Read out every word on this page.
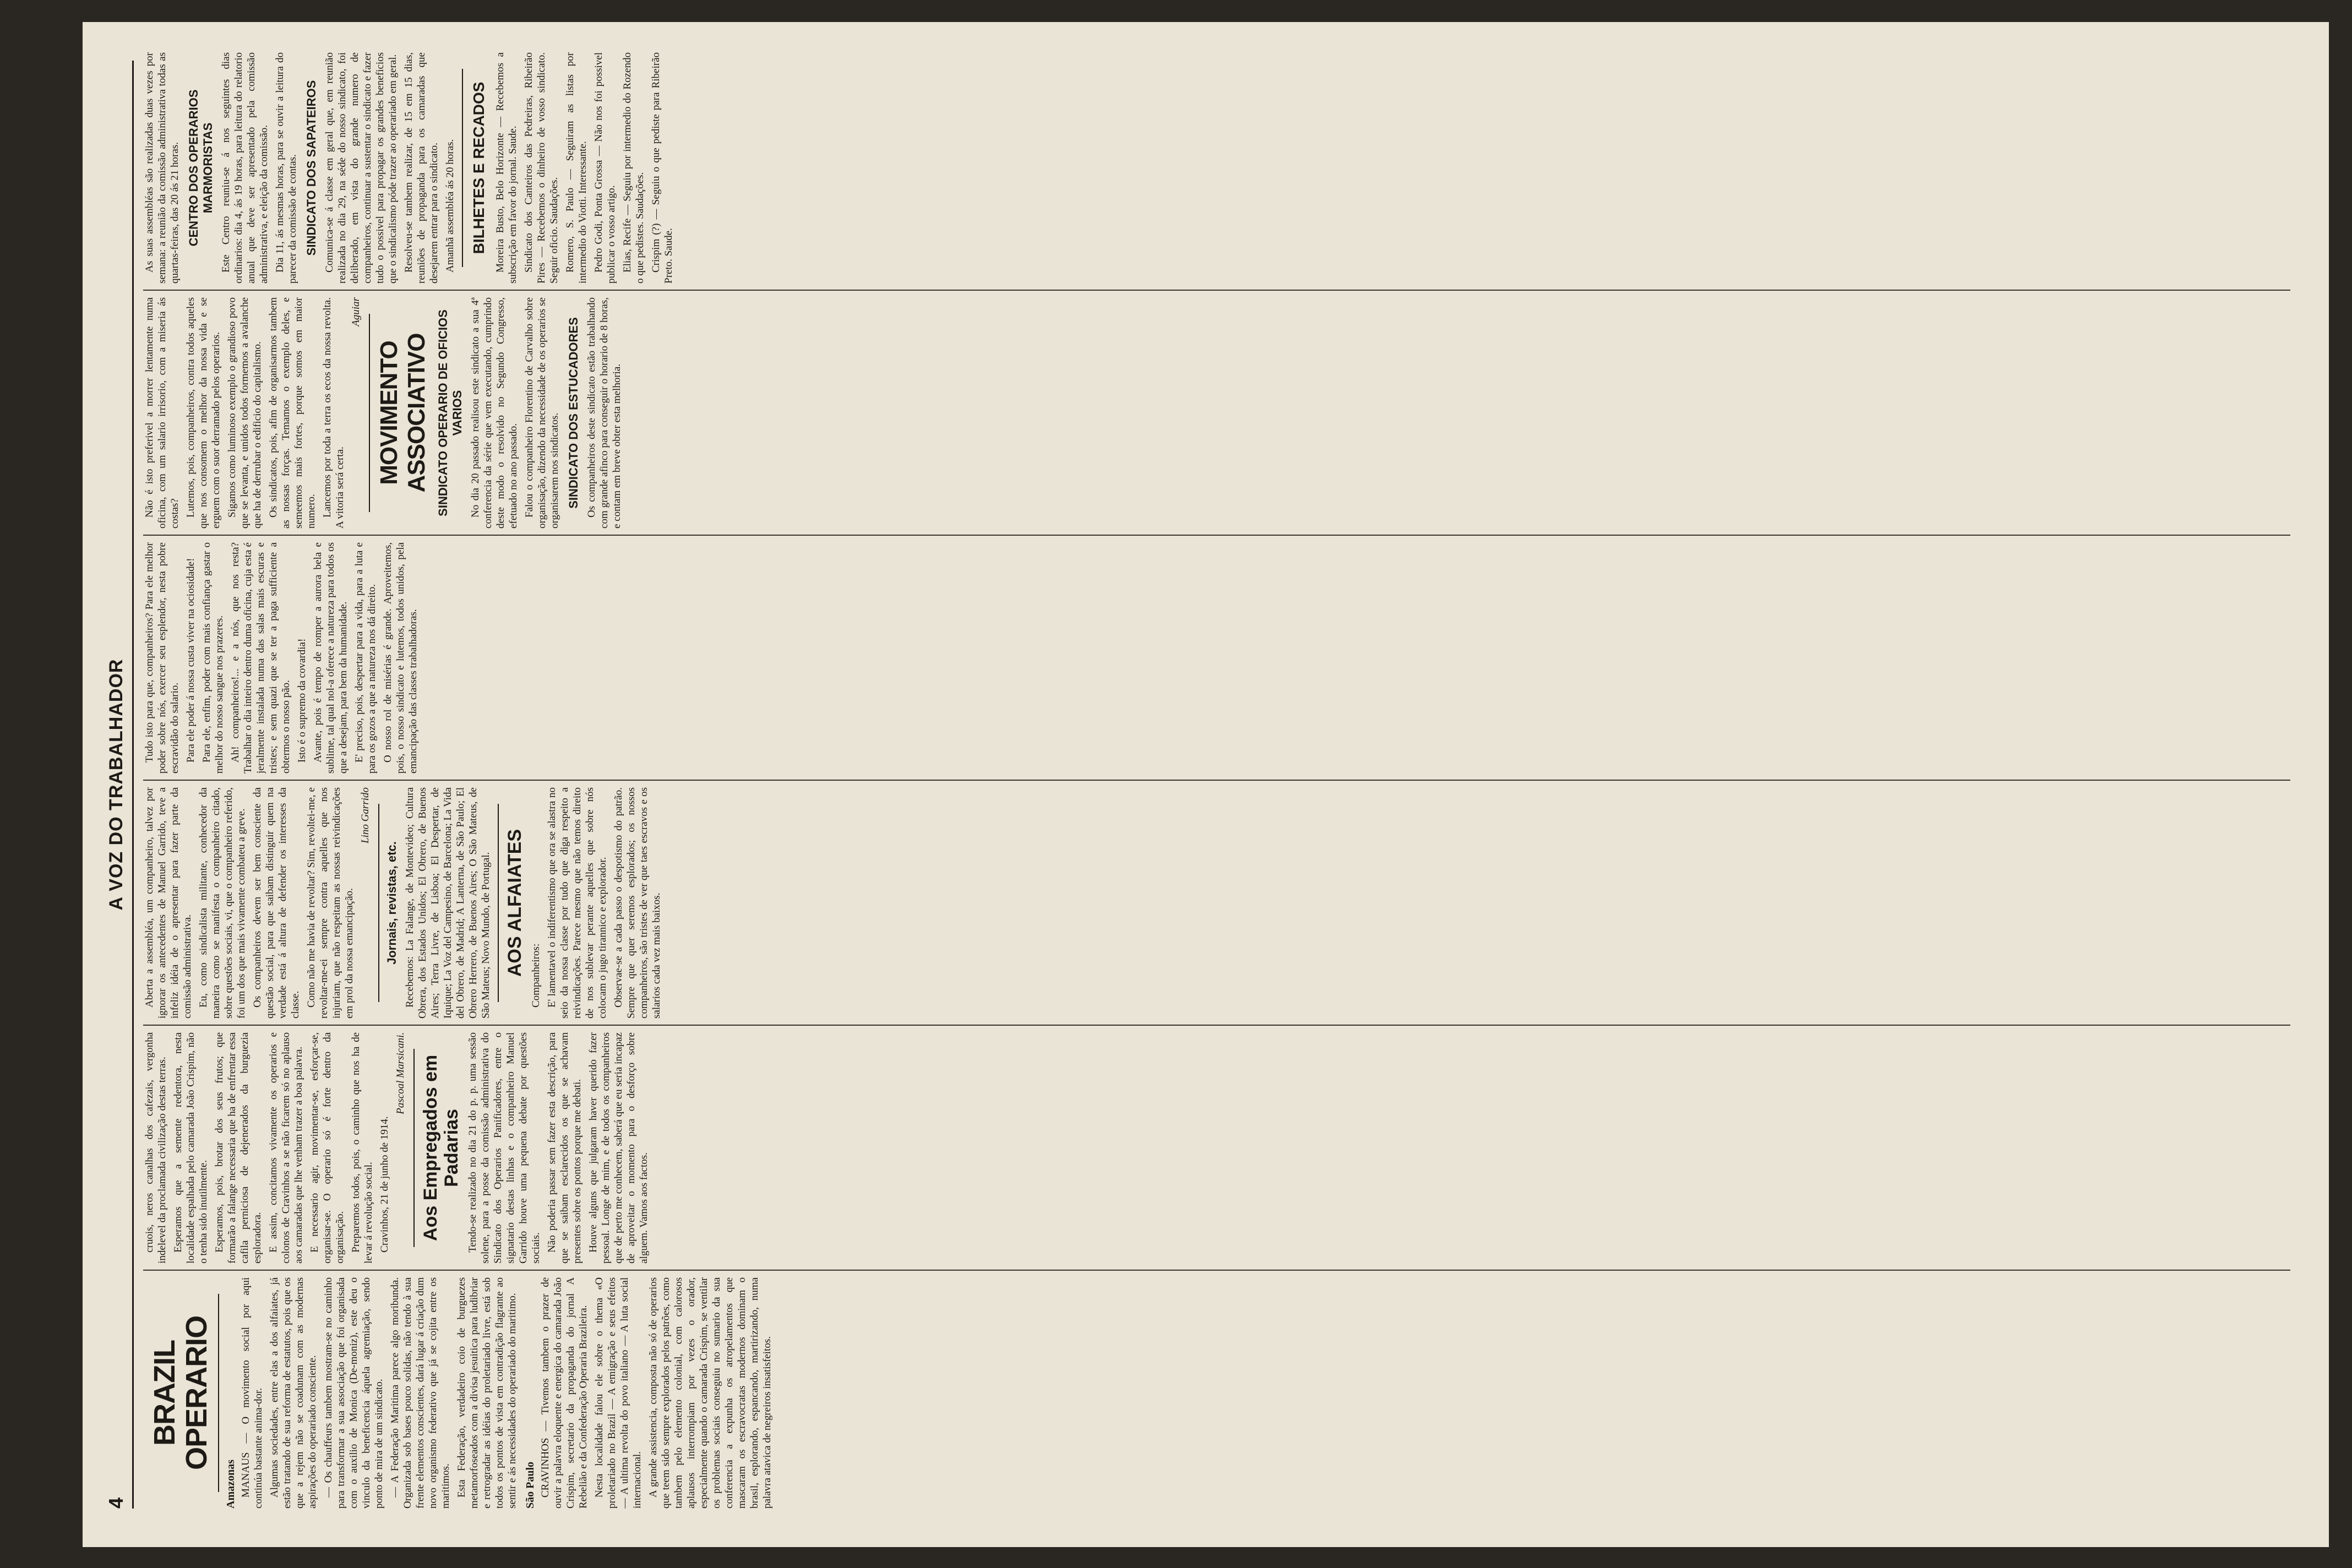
4
A VOZ DO TRABALHADOR
BRAZIL OPERARIO
Amazonas MANAUS — O movimento social por aqui continúa bastante anima-dor. Algumas sociedades, entre elas a dos alfaiates, já estão tratando de sua reforma de estatutos, pois que os que a rejem não se coadunam com as modernas aspirações do operariado consciente. — Os chauffeurs tambem mostram-se no caminho para transformar a sua associação que foi organisada com o auxilio de Monica (De-moniz), este deu o vinculo da beneficencia áquela agremiação, sendo ponto de mira de um sindicato. — A Federação Maritima parece algo moribunda. Organizada sob bases pouco solidas, não tendo à sua frente elementos conscientes, dará lugar á criação dum novo organismo federativo que já se cojita entre os maritimos. Esta Federação, verdadeiro coio de burguezes metamorfoseados com a divisa jesuitica para ludibriar e retrogradar as idéias do proletariado livre, está sob todos os pontos de vista em contradição flagrante ao sentir e ás necessidades do operariado do maritimo. São Paulo CRAVINHOS — Tivemos tambem o prazer de ouvir a palavra eloquente e energica do camarada João Crispim, secretario da propaganda do jornal A Rebelião e da Confederação Operaria Brazileira. Nesta localidade falou ele sobre o thema «O proletariado no Brazil — A emigração e seus efeitos — A ultima revolta do povo italiano — A luta social internacional. A grande assistencia, composta não só de operarios que teem sido sempre explorados pelos patrões, como tambem pelo elemento colonial, com calorosos aplausos interrompiam por vezes o orador, especialmente quando o camarada Crispim, se ventilar os problemas sociais conseguiu no sumario da sua conferencia a expunha os atropelamentos que mascaram os escravocratas modernos dominam o brasil, esplorando, espancando, martirizando, numa palavra atavica de negreiros insatisfeitos.

cruois, neros canalhas dos cafezais, vergonha indelevel da proclamada civilização destas terras. Esperamos que a semente redentora, nesta localidade espalhada pelo camarada João Crispim, não o tenha sido inutilmente. Esperamos, pois, brotar dos seus frutos; que formarão a falange necessaria que ha de enfrentar essa cafila perniciosa de dejenerados da burguezia esploradora. E assim, concitamos vivamente os operarios e colonos de Cravinhos a se não ficarem só no aplauso aos camaradas que lhe venham trazer a boa palavra. E necessario agir, movimentar-se, esforçar-se, organisar-se. O operario só é forte dentro da organisação. Preparemos todos, pois, o caminho que nos ha de levar á revolução social. Cravinhos, 21 de junho de 1914.

Pascoal Marsicani. Aos Empregados em Padarias Tendo-se realizado no dia 21 do p. p. uma sessão solene, para a posse da comissão administrativa do Sindicato dos Operarios Panificadores, entre o signatario destas linhas e o companheiro Manuel Garrido houve uma pequena debate por questões sociais. Não poderia passar sem fazer esta descrição, para que se saibam esclarecidos os que se achavam presentes sobre os pontos porque me debati. Houve alguns que julgaram haver querido fazer pessoal. Longe de mim, e de todos os companheiros que de perto me conhecem, saberá que eu seria incapaz de aproveitar o momento para o desforço sobre alguem. Vamos aos factos.

Aberta a assembléa, um companheiro, talvez por ignorar os antecedentes de Manuel Garrido, teve a infeliz idéia de o apresentar para fazer parte da comissão administrativa. Eu, como sindicalista militante, conhecedor da maneira como se manifesta o companheiro citado, sobre questões sociais, vi, que o companheiro referido, foi um dos que mais vivamente combateu a greve. Os companheiros devem ser bem consciente da questão social, para que saibam distinguir quem na verdade está á altura de defender os interesses da classe. Como não me havia de revoltar? Sim, revoltei-me, e revoltar-me-ei sempre contra aquelles que nos injuriam, que não respeitam as nossas reivindicações em prol da nossa emancipação.

Lino Garrido
Jornais, revistas, etc. Recebemos: La Falange, de Montevideo; Cultura Obrera, dos Estados Unidos; El Obrero, de Buenos Aires; Terra Livre, de Lisboa; El Despertar, de Iquique; La Voz del Campesino, de Barcelona; La Vida del Obrero, de Madrid; A Lanterna, de São Paulo; El Obrero Herrero, de Buenos Aires; O São Mateus, de São Mateus; Novo Mundo, de Portugal. AOS ALFAIATES Companheiros: E' lamentavel o indiferentismo que ora se alastra no seio da nossa classe por tudo que diga respeito a reivindicações. Parece mesmo que não temos direito de nos sublevar perante aquelles que sobre nós colocam o jugo tirannico e explorador. Observae-se a cada passo o despotismo do patrão. Sempre que quer seremos esplorados; os nossos companheiros, são tristes de ver que taes escravos e os salarios cada vez mais baixos.

Tudo isto para que, companheiros? Para ele melhor poder sobre nós, exercer seu esplendor, nesta pobre escravidão do salario. Para ele poder á nossa custa viver na ociosidade! Para ele, enfim, poder com mais confiança gastar o melhor do nosso sangue nos prazeres. Ah! companheiros!... e a nós, que nos resta? Trabalhar o dia inteiro dentro duma oficina, cuja esta é jeralmente instalada numa das salas mais escuras e tristes; e sem quazi que se ter a paga sufficiente a obtermos o nosso pão. Isto é o supremo da covardia! Avante, pois é tempo de romper a aurora bela e sublime, tal qual nol-a oferece a natureza para todos os que a desejam, para bem da humanidade. E' preciso, pois, despertar para a vida, para a luta e para os gozos a que a natureza nos dá direito. O nosso rol de misérias é grande. Aproveitemos, pois, o nosso sindicato e lutemos, todos unidos, pela emancipação das classes trabalhadoras.

Não é isto preferivel a morrer lentamente numa oficina, com um salario irrisorio, com a miseria ás costas? Lutemos, pois, companheiros, contra todos aqueles que nos consomem o melhor da nossa vida e se erguem com o suor derramado pelos operarios. Sigamos como luminoso exemplo o grandioso povo que se levanta, e unidos todos formemos a avalanche que ha de derrubar o edificio do capitalismo. Os sindicatos, pois, afim de organisarmos tambem as nossas forças. Temamos o exemplo deles, e semeemos mais fortes, porque somos em maior numero. Lancemos por toda a terra os ecos da nossa revolta. A vitoria será certa.

Aguiar
MOVIMENTO ASSOCIATIVO SINDICATO OPERARIO DE OFICIOS VARIOS No dia 20 passado realisou este sindicato a sua 4ª conferencia da série que vem executando, cumprindo deste modo o resolvido no Segundo Congresso, efetuado no ano passado. Falou o companheiro Florentino de Carvalho sobre organisação, dizendo da necessidade de os operarios se organisarem nos sindicatos. SINDICATO DOS ESTUCADORES Os companheiros deste sindicato estão trabalhando com grande afinco para conseguir o horario de 8 horas, e contam em breve obter esta melhoria.

As suas assembléas são realizadas duas vezes por semana: a reunião da comissão administrativa todas as quartas-feiras, das 20 ás 21 horas. CENTRO DOS OPERARIOS MARMORISTAS Este Centro reuniu-se á nos seguintes dias ordinarios: dia 4, ás 19 horas, para leitura do relatorio anual que deve ser apresentado pela comissão administrativa, e eleição da comissão. Dia 11, ás mesmas horas, para se ouvir a leitura do parecer da comissão de contas. SINDICATO DOS SAPATEIROS Comunica-se á classe em geral que, em reunião realizada no dia 29, na séde do nosso sindicato, foi deliberado, em vista do grande numero de companheiros, continuar a sustentar o sindicato e fazer tudo o possivel para propagar os grandes beneficios que o sindicalismo póde trazer ao operariado em geral. Resolveu-se tambem realizar, de 15 em 15 dias, reuniões de propaganda para os camaradas que desejarem entrar para o sindicato. Amanhã assembléa ás 20 horas. BILHETES E RECADOS Moreira Busto, Belo Horizonte — Recebemos a subscrição em favor do jornal. Saude. Sindicato dos Canteiros das Pedreiras, Ribeirão Pires — Recebemos o dinheiro de vosso sindicato. Seguir oficio. Saudações. Romero, S. Paulo — Seguiram as listas por intermedio do Viotti. Interessante. Pedro Godi, Ponta Grossa — Não nos foi possivel publicar o vosso artigo. Elias, Recife — Seguiu por intermedio do Rozendo o que pedistes. Saudações. Crispim (?) — Seguiu o que pediste para Ribeirão Preto. Saude.
